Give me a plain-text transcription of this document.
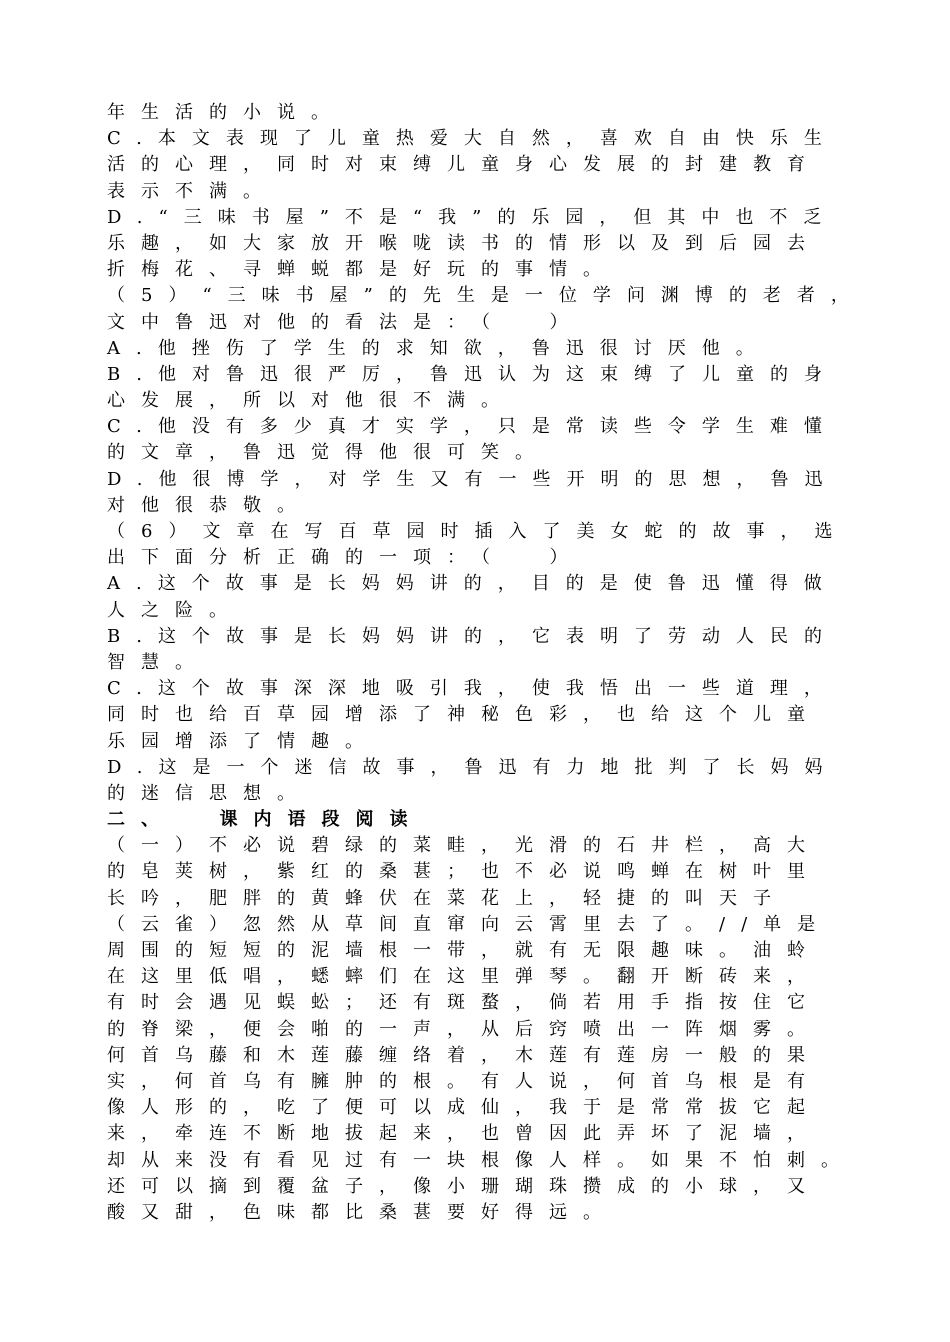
年生活的小说。
C.本文表现了儿童热爱大自然，喜欢自由快乐生
活的心理，同时对束缚儿童身心发展的封建教育
表示不满。
D.“三味书屋”不是“我”的乐园，但其中也不乏
乐趣，如大家放开喉咙读书的情形以及到后园去
折梅花、寻蝉蜕都是好玩的事情。
（5）“三味书屋”的先生是一位学问渊博的老者，
文中鲁迅对他的看法是：（  ）
A.他挫伤了学生的求知欲，鲁迅很讨厌他。
B.他对鲁迅很严厉，鲁迅认为这束缚了儿童的身
心发展，所以对他很不满。
C.他没有多少真才实学，只是常读些令学生难懂
的文章，鲁迅觉得他很可笑。
D.他很博学，对学生又有一些开明的思想，鲁迅
对他很恭敬。
（6）文章在写百草园时插入了美女蛇的故事，选
出下面分析正确的一项：（  ）
A.这个故事是长妈妈讲的，目的是使鲁迅懂得做
人之险。
B.这个故事是长妈妈讲的，它表明了劳动人民的
智慧。
C.这个故事深深地吸引我，使我悟出一些道理，
同时也给百草园增添了神秘色彩，也给这个儿童
乐园增添了情趣。
D.这是一个迷信故事，鲁迅有力地批判了长妈妈
的迷信思想。
二、  课内语段阅读
（一）不必说碧绿的菜畦，光滑的石井栏，高大
的皂荚树，紫红的桑葚；也不必说鸣蝉在树叶里
长吟，肥胖的黄蜂伏在菜花上，轻捷的叫天子
（云雀）忽然从草间直窜向云霄里去了。//单是
周围的短短的泥墙根一带，就有无限趣味。油蛉
在这里低唱，蟋蟀们在这里弹琴。翻开断砖来，
有时会遇见蜈蚣；还有斑蝥，倘若用手指按住它
的脊梁，便会啪的一声，从后窍喷出一阵烟雾。
何首乌藤和木莲藤缠络着，木莲有莲房一般的果
实，何首乌有臃肿的根。有人说，何首乌根是有
像人形的，吃了便可以成仙，我于是常常拔它起
来，牵连不断地拔起来，也曾因此弄坏了泥墙，
却从来没有看见过有一块根像人样。如果不怕刺。
还可以摘到覆盆子，像小珊瑚珠攒成的小球，又
酸又甜，色味都比桑葚要好得远。
